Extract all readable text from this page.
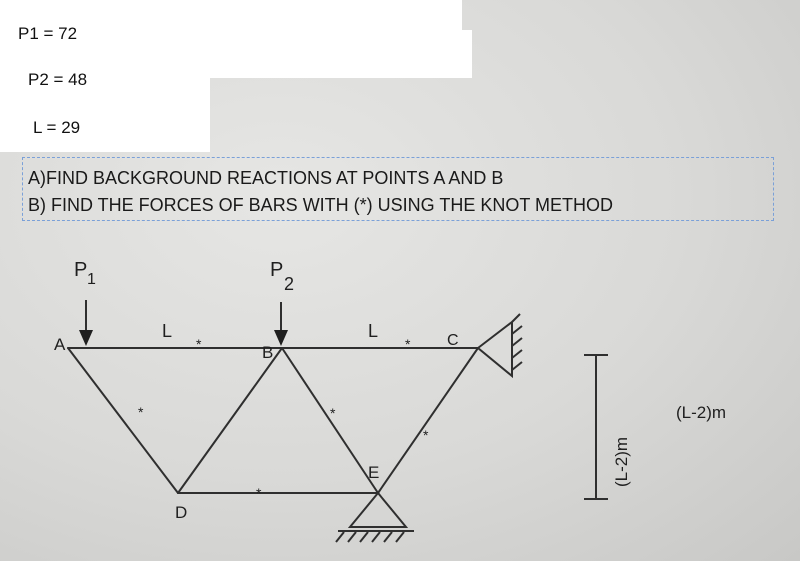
P1 = 72
P2 = 48
L = 29
A)FIND BACKGROUND REACTIONS AT POINTS A AND B
B) FIND THE FORCES OF BARS WITH (*) USING THE KNOT METHOD
P 1	P
2
A	B
C
D
E
L	L
*	*
*	*
*
*
(L-2)m
(L-2)m
